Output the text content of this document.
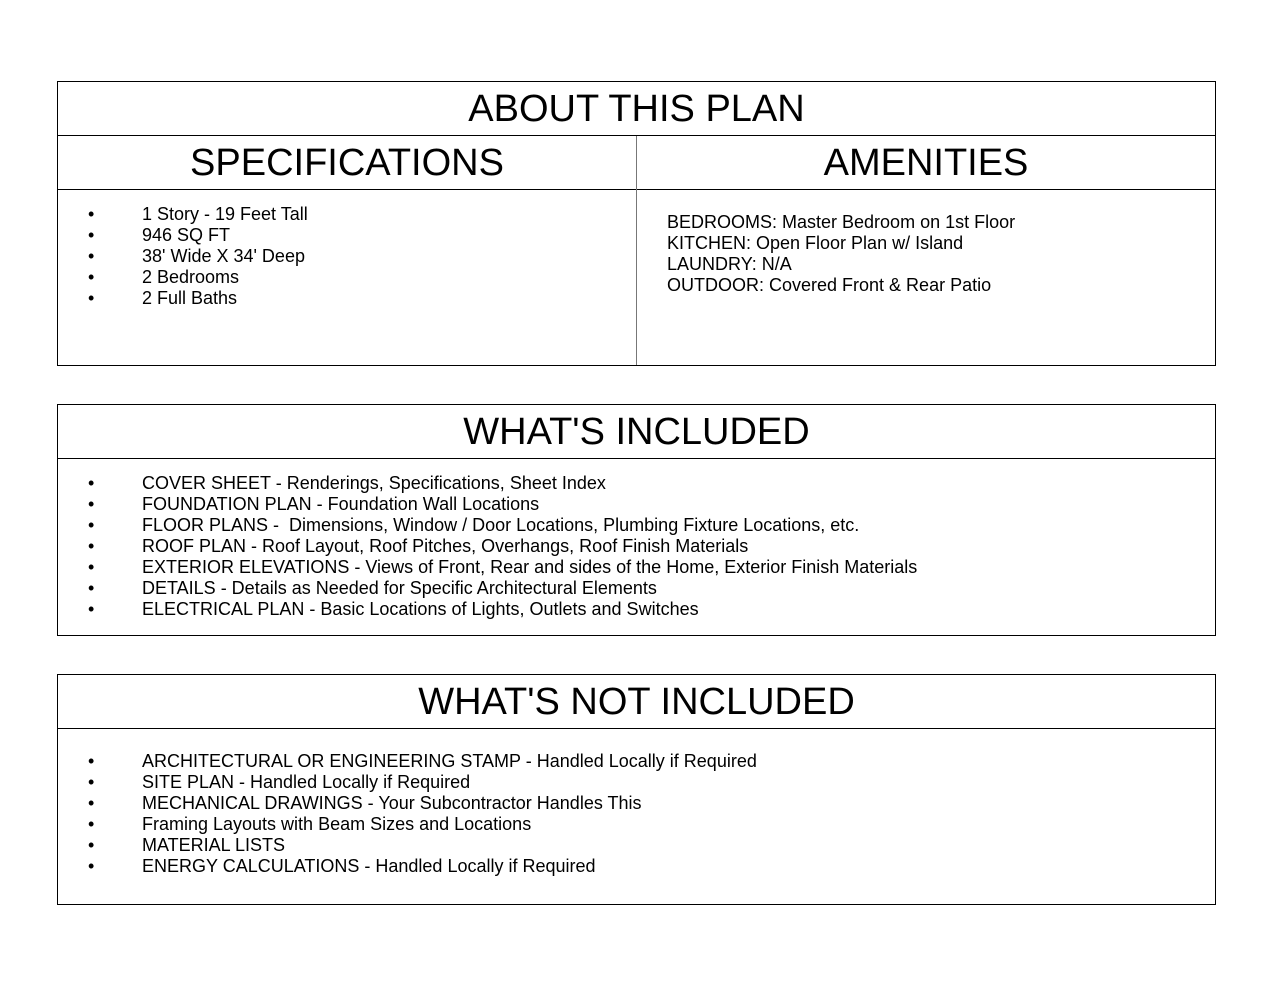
ABOUT THIS PLAN
SPECIFICATIONS
•	1 Story - 19 Feet Tall
•	946 SQ FT
•	38' Wide X 34' Deep
•	2 Bedrooms
•	2 Full Baths
AMENITIES
BEDROOMS: Master Bedroom on 1st Floor
KITCHEN: Open Floor Plan w/ Island
LAUNDRY: N/A
OUTDOOR: Covered Front & Rear Patio
WHAT'S INCLUDED
•	COVER SHEET - Renderings, Specifications, Sheet Index
•	FOUNDATION PLAN - Foundation Wall Locations
•	FLOOR PLANS -  Dimensions, Window / Door Locations, Plumbing Fixture Locations, etc.
•	ROOF PLAN - Roof Layout, Roof Pitches, Overhangs, Roof Finish Materials
•	EXTERIOR ELEVATIONS - Views of Front, Rear and sides of the Home, Exterior Finish Materials
•	DETAILS - Details as Needed for Specific Architectural Elements
•	ELECTRICAL PLAN - Basic Locations of Lights, Outlets and Switches
WHAT'S NOT INCLUDED
•	ARCHITECTURAL OR ENGINEERING STAMP - Handled Locally if Required
•	SITE PLAN - Handled Locally if Required
•	MECHANICAL DRAWINGS - Your Subcontractor Handles This
•	Framing Layouts with Beam Sizes and Locations
•	MATERIAL LISTS
•	ENERGY CALCULATIONS - Handled Locally if Required
